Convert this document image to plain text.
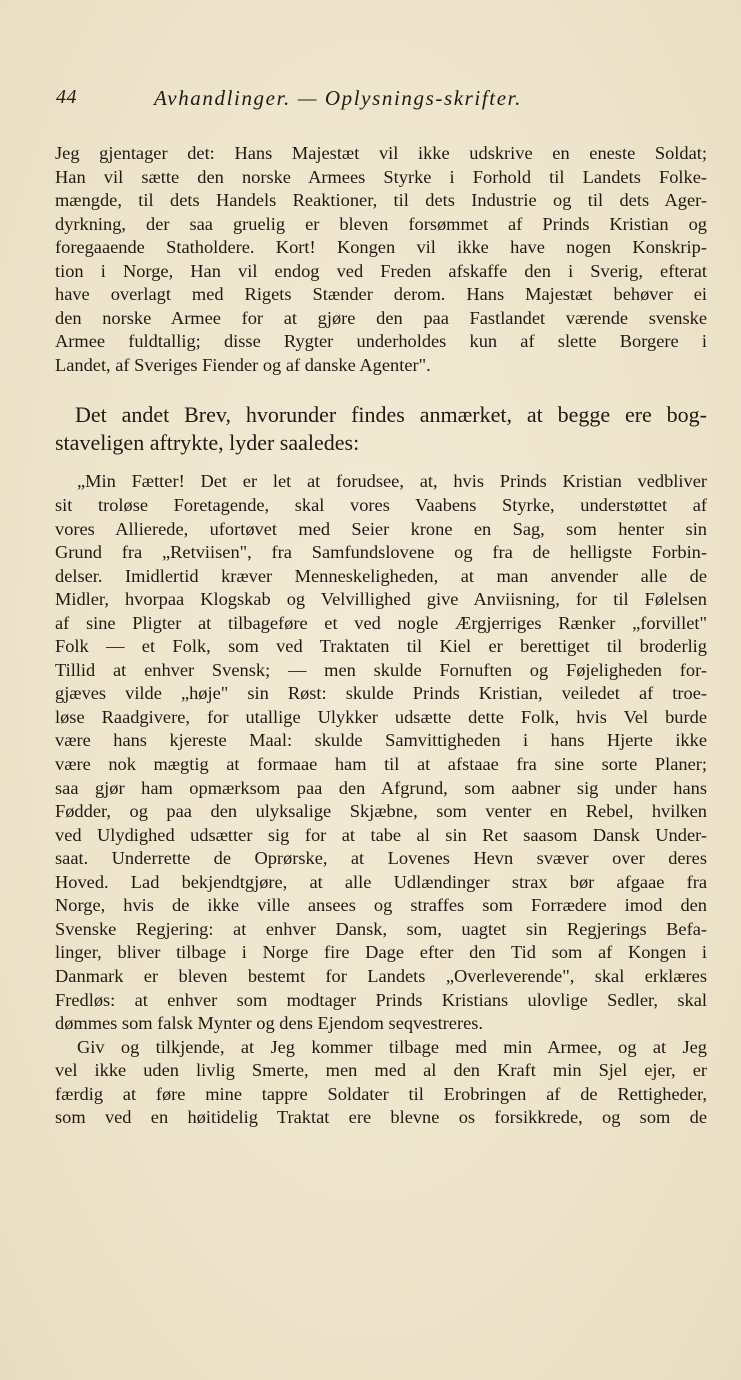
44	Avhandlinger. — Oplysnings-skrifter.
Jeg gjentager det: Hans Majestæt vil ikke udskrive en eneste Soldat;
Han vil sætte den norske Armees Styrke i Forhold til Landets Folke-
mængde, til dets Handels Reaktioner, til dets Industrie og til dets Ager-
dyrkning, der saa gruelig er bleven forsømmet af Prinds Kristian og
foregaaende Statholdere. Kort! Kongen vil ikke have nogen Konskrip-
tion i Norge, Han vil endog ved Freden afskaffe den i Sverig, efterat
have overlagt med Rigets Stænder derom. Hans Majestæt behøver ei
den norske Armee for at gjøre den paa Fastlandet værende svenske
Armee fuldtallig; disse Rygter underholdes kun af slette Borgere i
Landet, af Sveriges Fiender og af danske Agenter".
Det andet Brev, hvorunder findes anmærket, at begge ere bog-
staveligen aftrykte, lyder saaledes:
„Min Fætter! Det er let at forudsee, at, hvis Prinds Kristian vedbliver
sit troløse Foretagende, skal vores Vaabens Styrke, understøttet af
vores Allierede, ufortøvet med Seier krone en Sag, som henter sin
Grund fra „Retviisen", fra Samfundslovene og fra de helligste Forbin-
delser. Imidlertid kræver Menneskeligheden, at man anvender alle de
Midler, hvorpaa Klogskab og Velvillighed give Anviisning, for til Følelsen
af sine Pligter at tilbageføre et ved nogle Ærgjerriges Rænker „forvillet"
Folk — et Folk, som ved Traktaten til Kiel er berettiget til broderlig
Tillid at enhver Svensk; — men skulde Fornuften og Føjeligheden for-
gjæves vilde „høje" sin Røst: skulde Prinds Kristian, veiledet af troe-
løse Raadgivere, for utallige Ulykker udsætte dette Folk, hvis Vel burde
være hans kjereste Maal: skulde Samvittigheden i hans Hjerte ikke
være nok mægtig at formaae ham til at afstaae fra sine sorte Planer;
saa gjør ham opmærksom paa den Afgrund, som aabner sig under hans
Fødder, og paa den ulyksalige Skjæbne, som venter en Rebel, hvilken
ved Ulydighed udsætter sig for at tabe al sin Ret saasom Dansk Under-
saat. Underrette de Oprørske, at Lovenes Hevn svæver over deres
Hoved. Lad bekjendtgjøre, at alle Udlændinger strax bør afgaae fra
Norge, hvis de ikke ville ansees og straffes som Forrædere imod den
Svenske Regjering: at enhver Dansk, som, uagtet sin Regjerings Befa-
linger, bliver tilbage i Norge fire Dage efter den Tid som af Kongen i
Danmark er bleven bestemt for Landets „Overleverende", skal erklæres
Fredløs: at enhver som modtager Prinds Kristians ulovlige Sedler, skal
dømmes som falsk Mynter og dens Ejendom seqvestreres.
Giv og tilkjende, at Jeg kommer tilbage med min Armee, og at Jeg
vel ikke uden livlig Smerte, men med al den Kraft min Sjel ejer, er
færdig at føre mine tappre Soldater til Erobringen af de Rettigheder,
som ved en høitidelig Traktat ere blevne os forsikkrede, og som de
